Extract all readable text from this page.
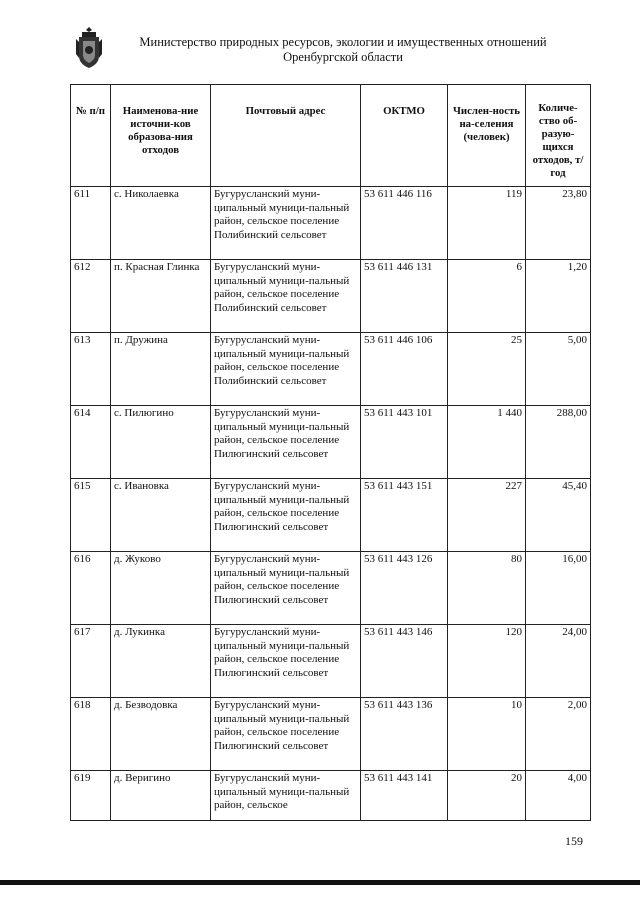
Министерство природных ресурсов, экологии и имущественных отношений
Оренбургской области
№ п/п	Наименова-ние источни-ков образова-ния отходов	Почтовый адрес	ОКТМО	Числен-ность на-селения (человек)	Количе-ство об-разую-щихся отходов, т/год
611	с. Николаевка	Бугурусланский муни-ципальный муници-пальный район, сельское поселение Полибинский сельсовет	53 611 446 116	119	23,80
612	п. Красная Глинка	Бугурусланский муни-ципальный муници-пальный район, сельское поселение Полибинский сельсовет	53 611 446 131	6	1,20
613	п. Дружина	Бугурусланский муни-ципальный муници-пальный район, сельское поселение Полибинский сельсовет	53 611 446 106	25	5,00
614	с. Пилюгино	Бугурусланский муни-ципальный муници-пальный район, сельское поселение Пилюгинский сельсовет	53 611 443 101	1 440	288,00
615	с. Ивановка	Бугурусланский муни-ципальный муници-пальный район, сельское поселение Пилюгинский сельсовет	53 611 443 151	227	45,40
616	д. Жуково	Бугурусланский муни-ципальный муници-пальный район, сельское поселение Пилюгинский сельсовет	53 611 443 126	80	16,00
617	д. Лукинка	Бугурусланский муни-ципальный муници-пальный район, сельское поселение Пилюгинский сельсовет	53 611 443 146	120	24,00
618	д. Безводовка	Бугурусланский муни-ципальный муници-пальный район, сельское поселение Пилюгинский сельсовет	53 611 443 136	10	2,00
619	д. Веригино	Бугурусланский муни-ципальный муници-пальный район, сельское	53 611 443 141	20	4,00
159
